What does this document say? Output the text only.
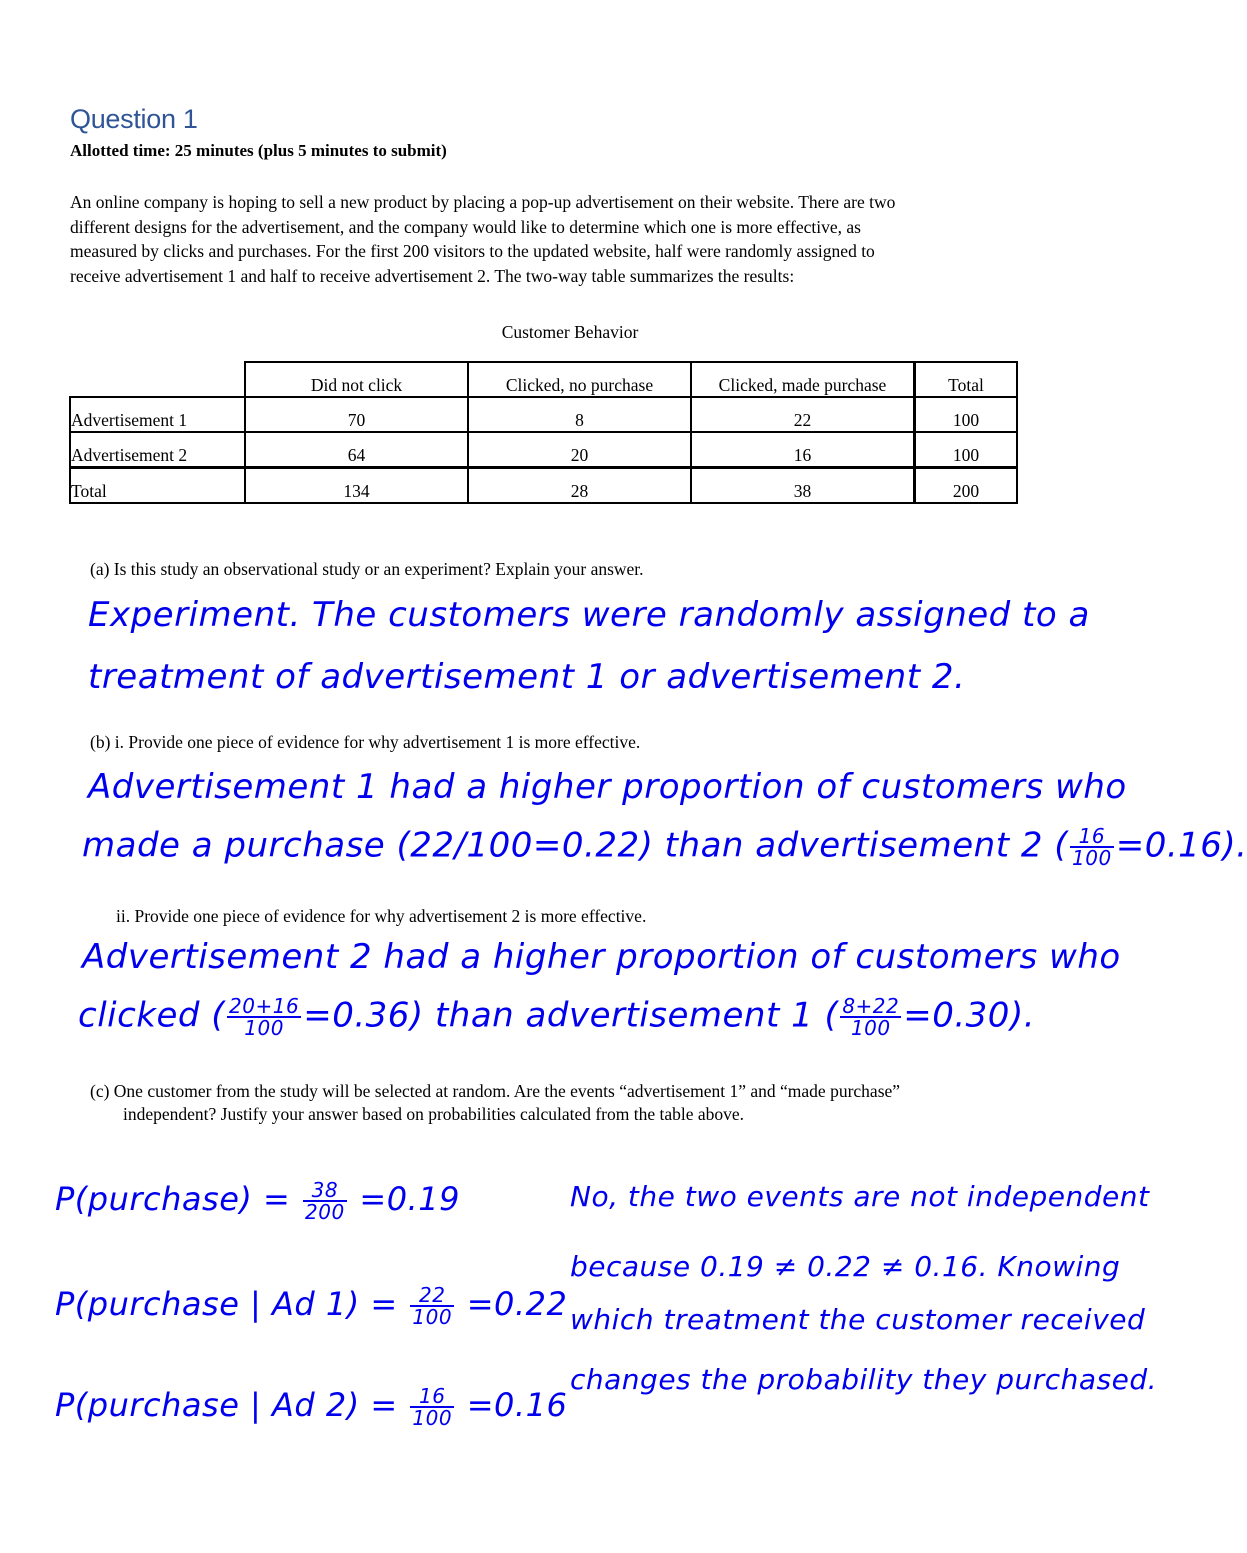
Question 1
Allotted time: 25 minutes (plus 5 minutes to submit)
An online company is hoping to sell a new product by placing a pop-up advertisement on their website. There are two
different designs for the advertisement, and the company would like to determine which one is more effective, as
measured by clicks and purchases. For the first 200 visitors to the updated website, half were randomly assigned to
receive advertisement 1 and half to receive advertisement 2. The two-way table summarizes the results:
Customer Behavior
	Did not click	Clicked, no purchase	Clicked, made purchase	Total
Advertisement 1	70	8	22	100
Advertisement 2	64	20	16	100
Total	134	28	38	200
(a) Is this study an observational study or an experiment? Explain your answer.
Experiment. The customers were randomly assigned to a
treatment of advertisement 1 or advertisement 2.
(b) i. Provide one piece of evidence for why advertisement 1 is more effective.
Advertisement 1 had a higher proportion of customers who
made a purchase (22/100=0.22) than advertisement 2 ( $\frac{16}{100} =0.16$).
ii. Provide one piece of evidence for why advertisement 2 is more effective.
Advertisement 2 had a higher proportion of customers who
clicked ( $\frac{20+16}{100} =0.36$) than advertisement 1 ( $\frac{8+22}{100} =0.30$).
(c) One customer from the study will be selected at random. Are the events “advertisement 1” and “made purchase”
independent? Justify your answer based on probabilities calculated from the table above.
P(purchase) = $\frac{38}{200} =0.19$
P(purchase | Ad $1) = \frac{22}{100} =0.22$
P(purchase | Ad $2) = \frac{16}{100} =0.16$
No, the two events are not independent
because 0.19 ≠ 0.22 ≠ 0.16. Knowing
which treatment the customer received
changes the probability they purchased.
